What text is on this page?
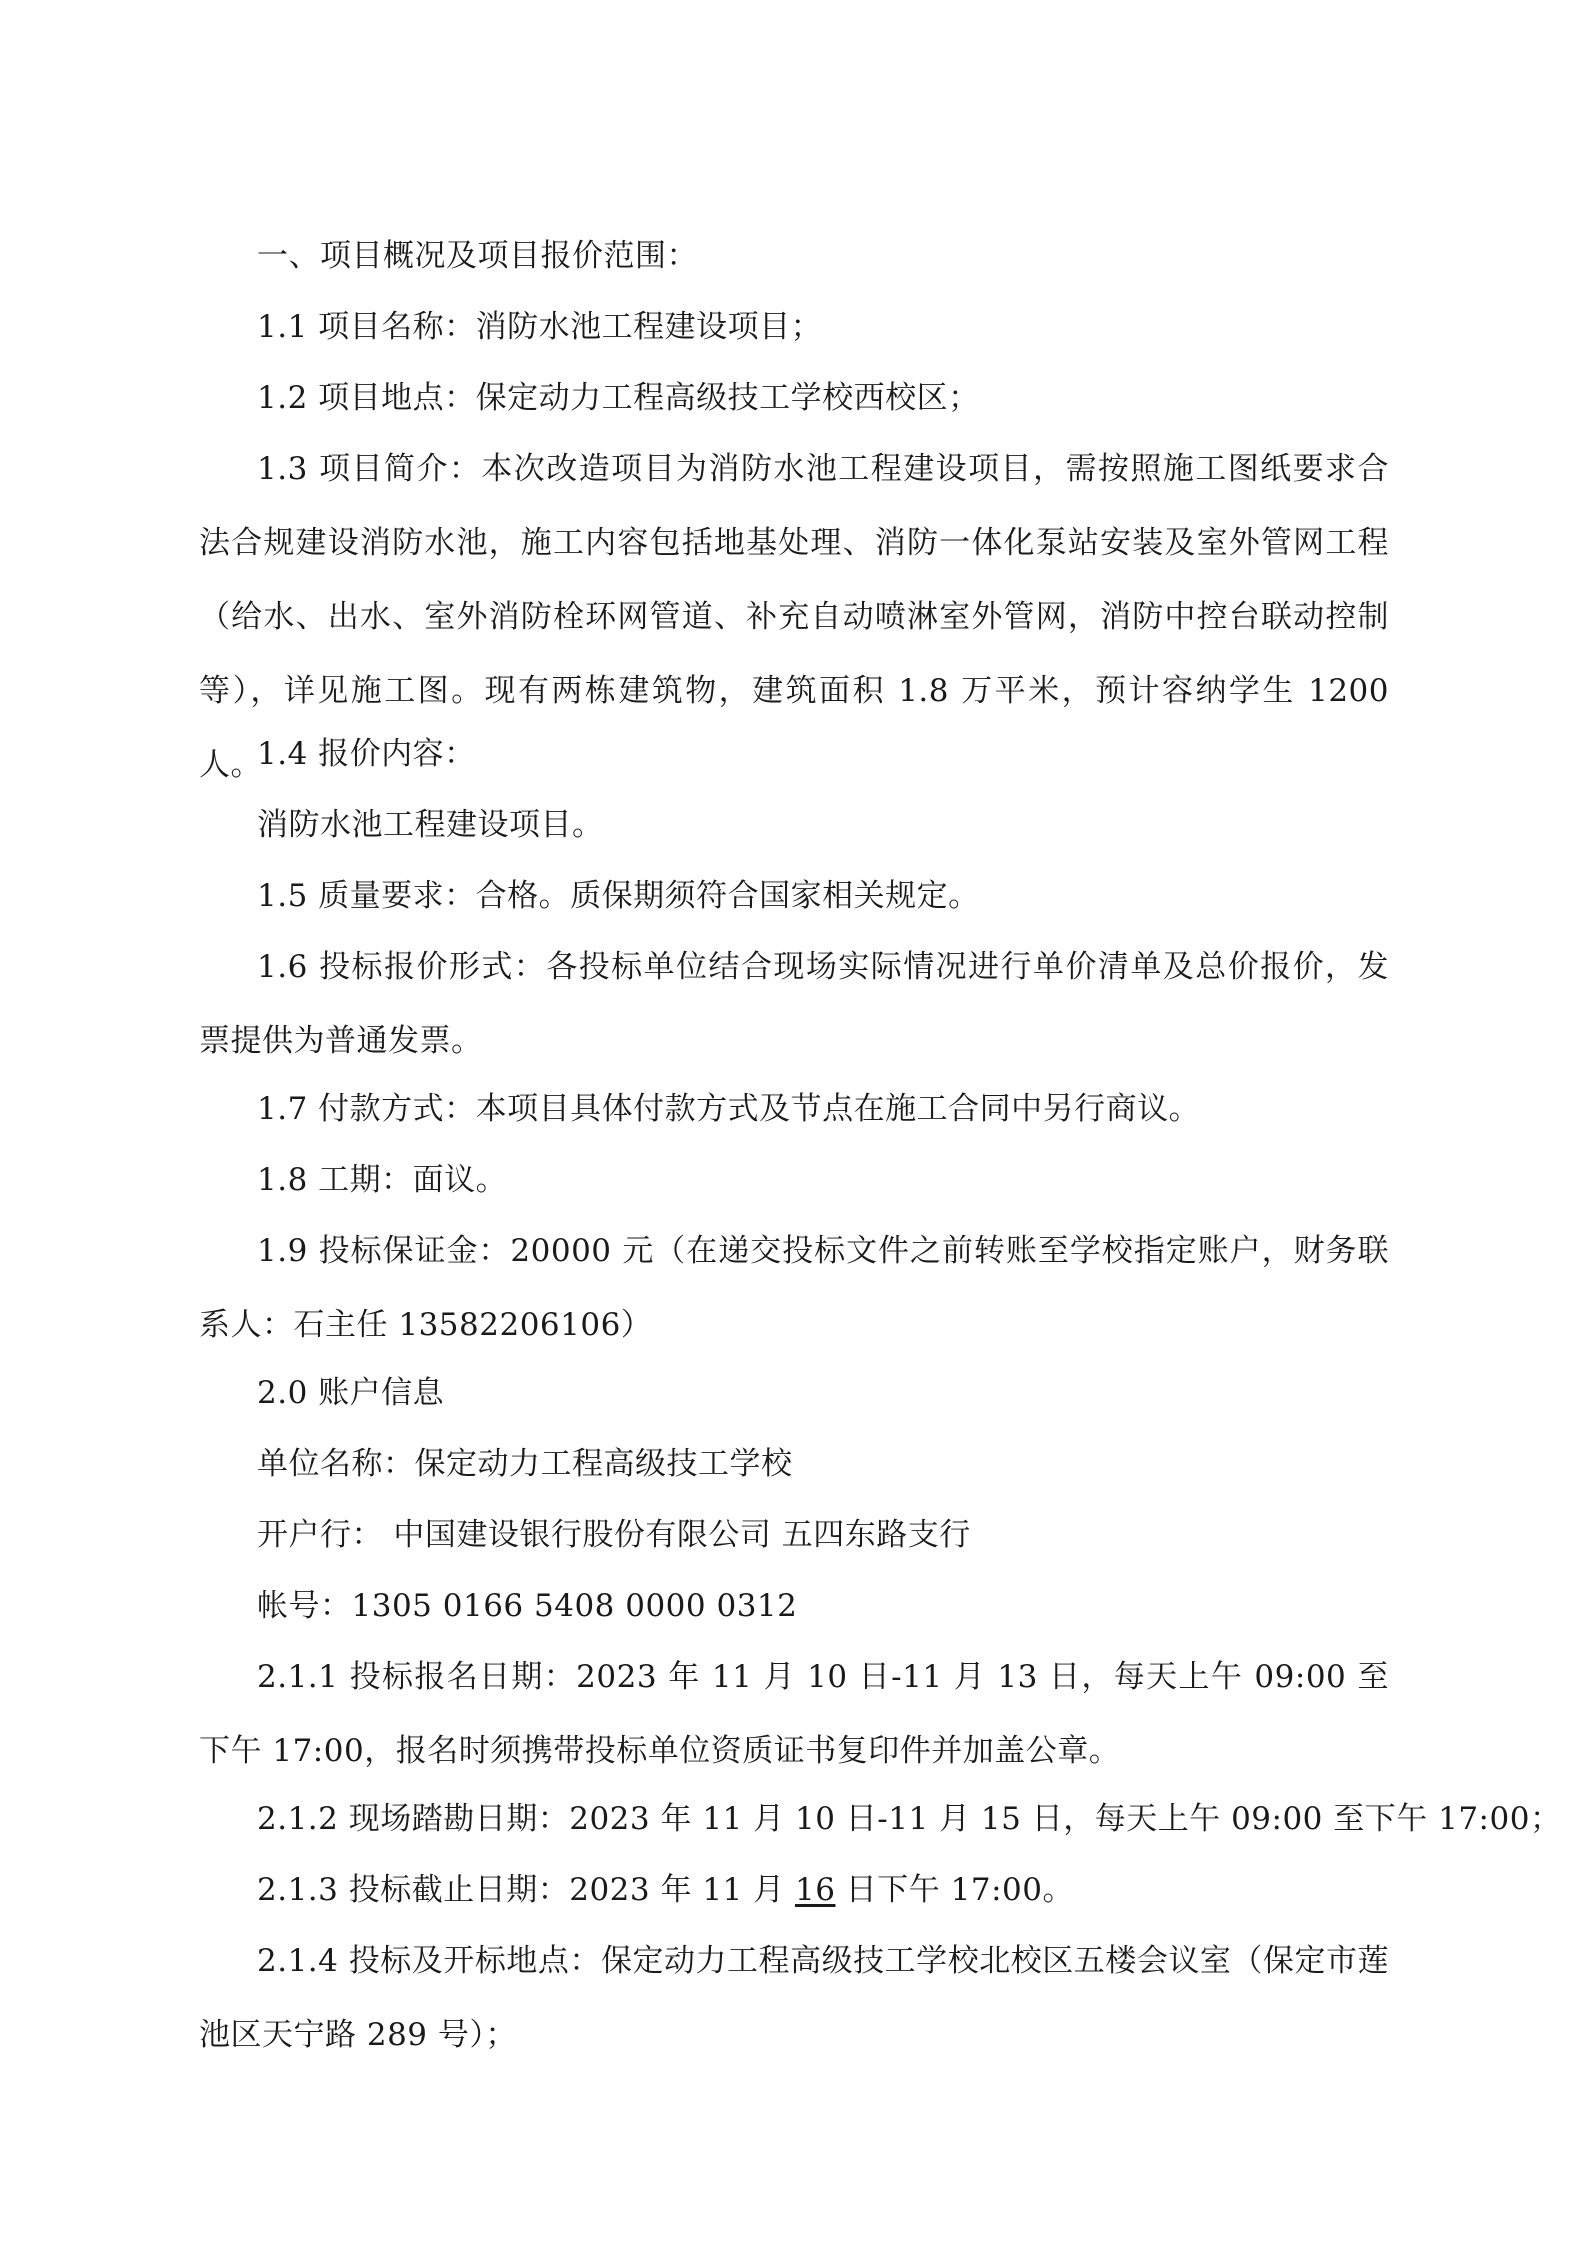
一、项目概况及项目报价范围：
1.1 项目名称：消防水池工程建设项目；
1.2 项目地点：保定动力工程高级技工学校西校区；
1.3 项目简介：本次改造项目为消防水池工程建设项目，需按照施工图纸要求合法合规建设消防水池，施工内容包括地基处理、消防一体化泵站安装及室外管网工程（给水、出水、室外消防栓环网管道、补充自动喷淋室外管网，消防中控台联动控制等），详见施工图。现有两栋建筑物，建筑面积 1.8 万平米，预计容纳学生 1200 人。
1.4 报价内容：
消防水池工程建设项目。
1.5 质量要求：合格。质保期须符合国家相关规定。
1.6 投标报价形式：各投标单位结合现场实际情况进行单价清单及总价报价，发票提供为普通发票。
1.7 付款方式：本项目具体付款方式及节点在施工合同中另行商议。
1.8 工期：面议。
1.9 投标保证金：20000 元（在递交投标文件之前转账至学校指定账户，财务联系人：石主任 13582206106）
2.0 账户信息
单位名称：保定动力工程高级技工学校
开户行： 中国建设银行股份有限公司 五四东路支行
帐号：1305 0166 5408 0000 0312
2.1.1 投标报名日期：2023 年 11 月 10 日-11 月 13 日，每天上午 09:00 至下午 17:00，报名时须携带投标单位资质证书复印件并加盖公章。
2.1.2 现场踏勘日期：2023 年 11 月 10 日-11 月 15 日，每天上午 09:00 至下午 17:00；
2.1.3 投标截止日期：2023 年 11 月 16 日下午 17:00。
2.1.4 投标及开标地点：保定动力工程高级技工学校北校区五楼会议室（保定市莲池区天宁路 289 号）；
